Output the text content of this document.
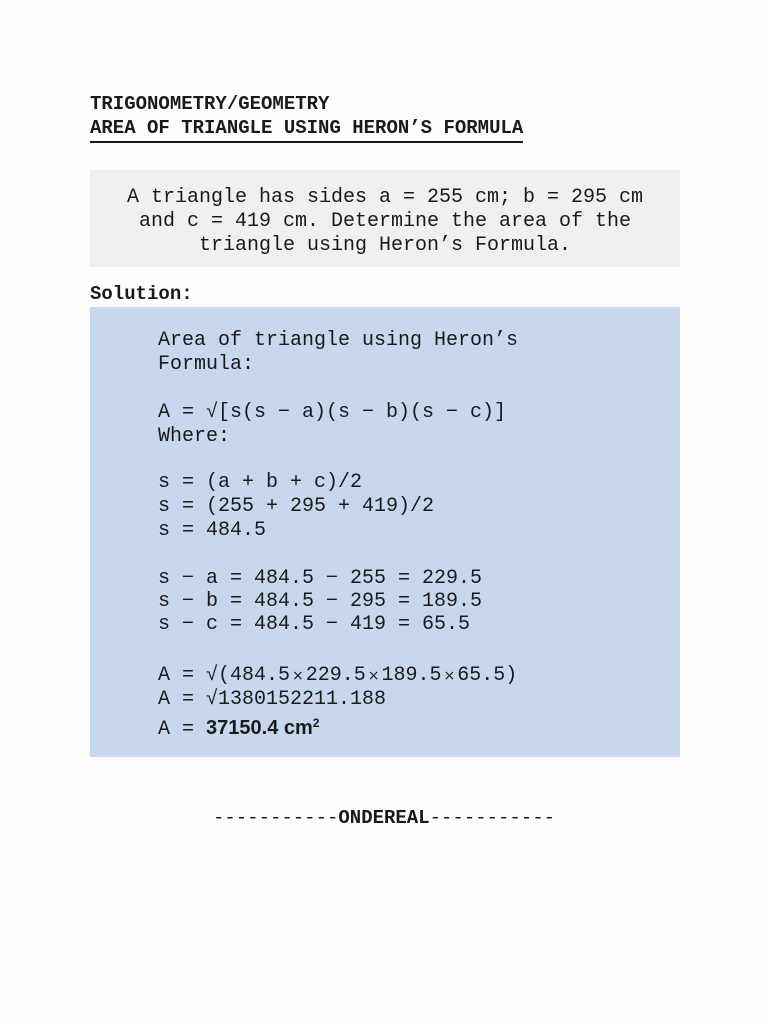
TRIGONOMETRY/GEOMETRY
AREA OF TRIANGLE USING HERON’S FORMULA
A triangle has sides a = 255 cm; b = 295 cm
and c = 419 cm. Determine the area of the
triangle using Heron’s Formula.
Solution:
Area of triangle using Heron’s
Formula:
A = √[s(s − a)(s − b)(s − c)]
Where:
s = (a + b + c)/2
s = (255 + 295 + 419)/2
s = 484.5
s − a = 484.5 − 255 = 229.5
s − b = 484.5 − 295 = 189.5
s − c = 484.5 − 419 = 65.5
A = √(484.5 × 229.5 × 189.5 × 65.5)
A = √1380152211.188
A = 37150.4 $cm^2$
-----------ONDEREAL-----------
